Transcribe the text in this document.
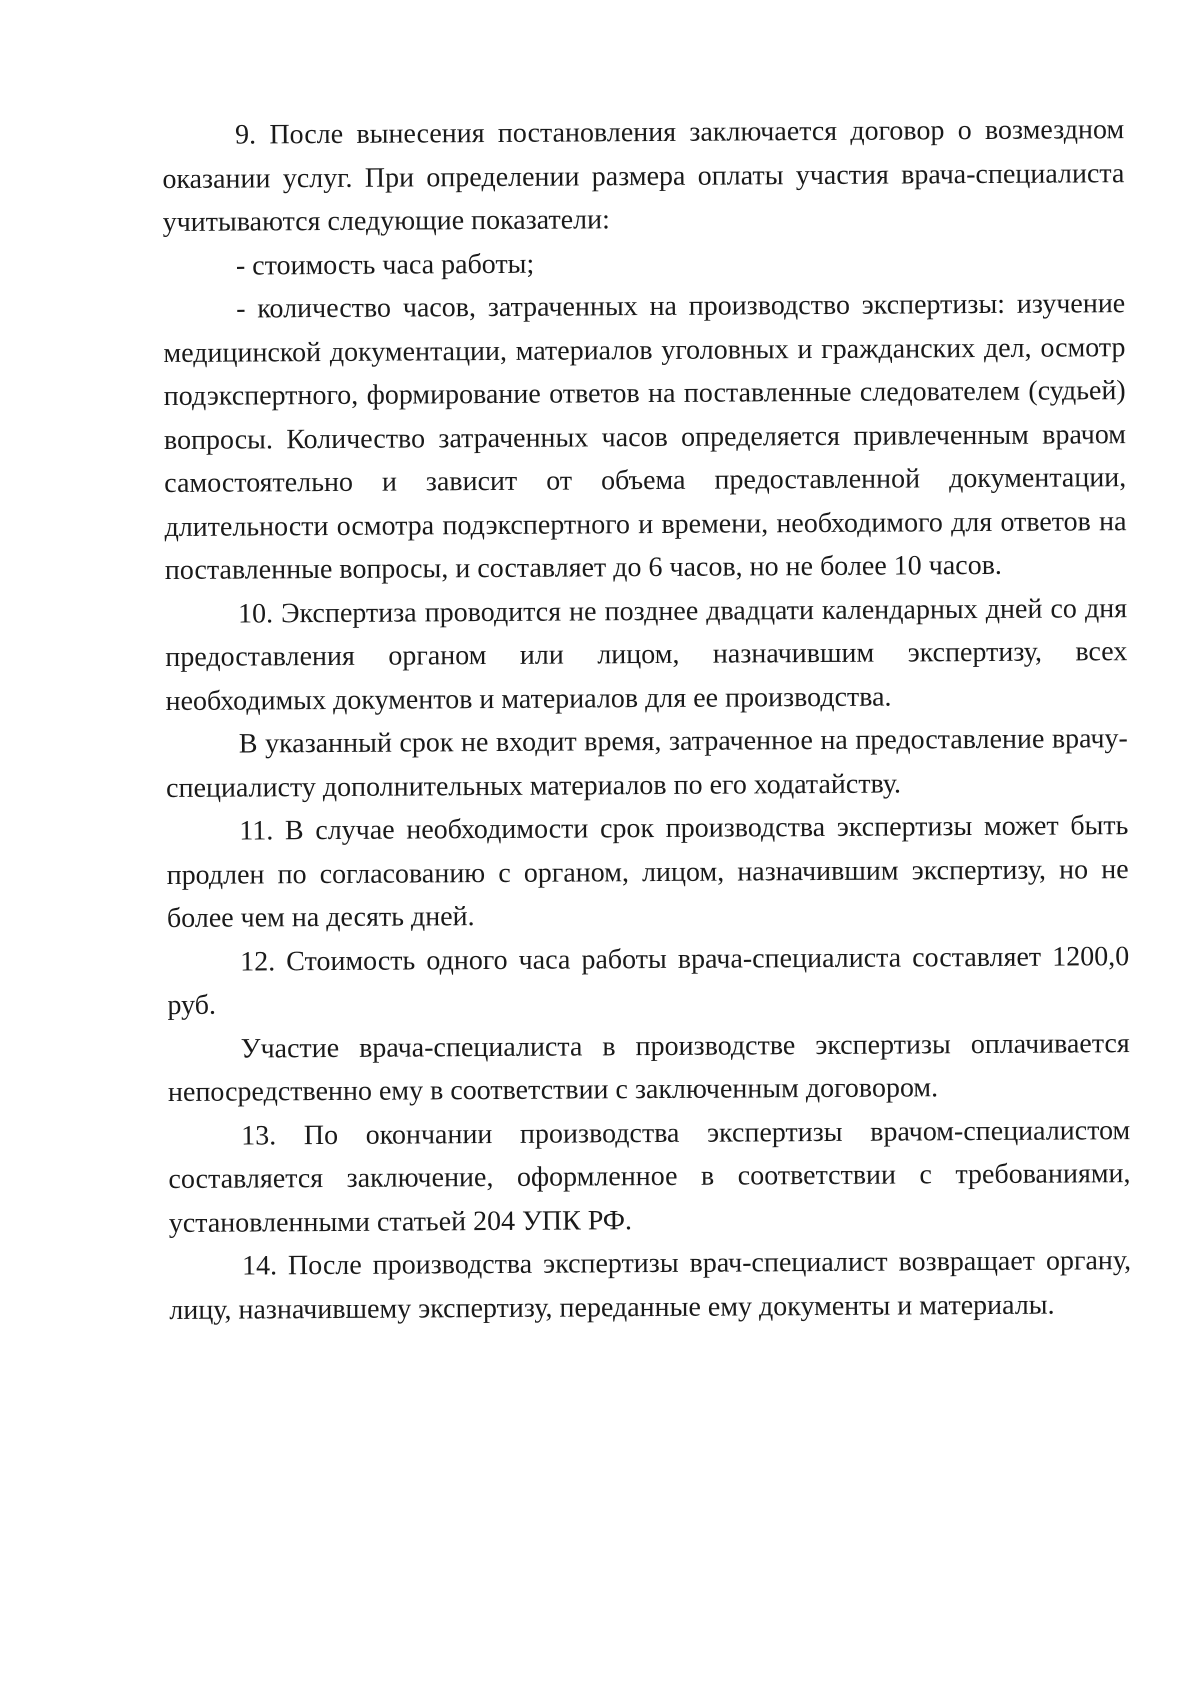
9. После вынесения постановления заключается договор о возмездном оказании услуг. При определении размера оплаты участия врача-специалиста учитываются следующие показатели:

- стоимость часа работы;

- количество часов, затраченных на производство экспертизы: изучение медицинской документации, материалов уголовных и гражданских дел, осмотр подэкспертного, формирование ответов на поставленные следователем (судьей) вопросы. Количество затраченных часов определяется привлеченным врачом самостоятельно и зависит от объема предоставленной документации, длительности осмотра подэкспертного и времени, необходимого для ответов на поставленные вопросы, и составляет до 6 часов, но не более 10 часов.

10. Экспертиза проводится не позднее двадцати календарных дней со дня предоставления органом или лицом, назначившим экспертизу, всех необходимых документов и материалов для ее производства.

В указанный срок не входит время, затраченное на предоставление врачу-специалисту дополнительных материалов по его ходатайству.

11. В случае необходимости срок производства экспертизы может быть продлен по согласованию с органом, лицом, назначившим экспертизу, но не более чем на десять дней.

12. Стоимость одного часа работы врача-специалиста составляет 1200,0 руб.

Участие врача-специалиста в производстве экспертизы оплачивается непосредственно ему в соответствии с заключенным договором.

13. По окончании производства экспертизы врачом-специалистом составляется заключение, оформленное в соответствии с требованиями, установленными статьей 204 УПК РФ.

14. После производства экспертизы врач-специалист возвращает органу, лицу, назначившему экспертизу, переданные ему документы и материалы.
